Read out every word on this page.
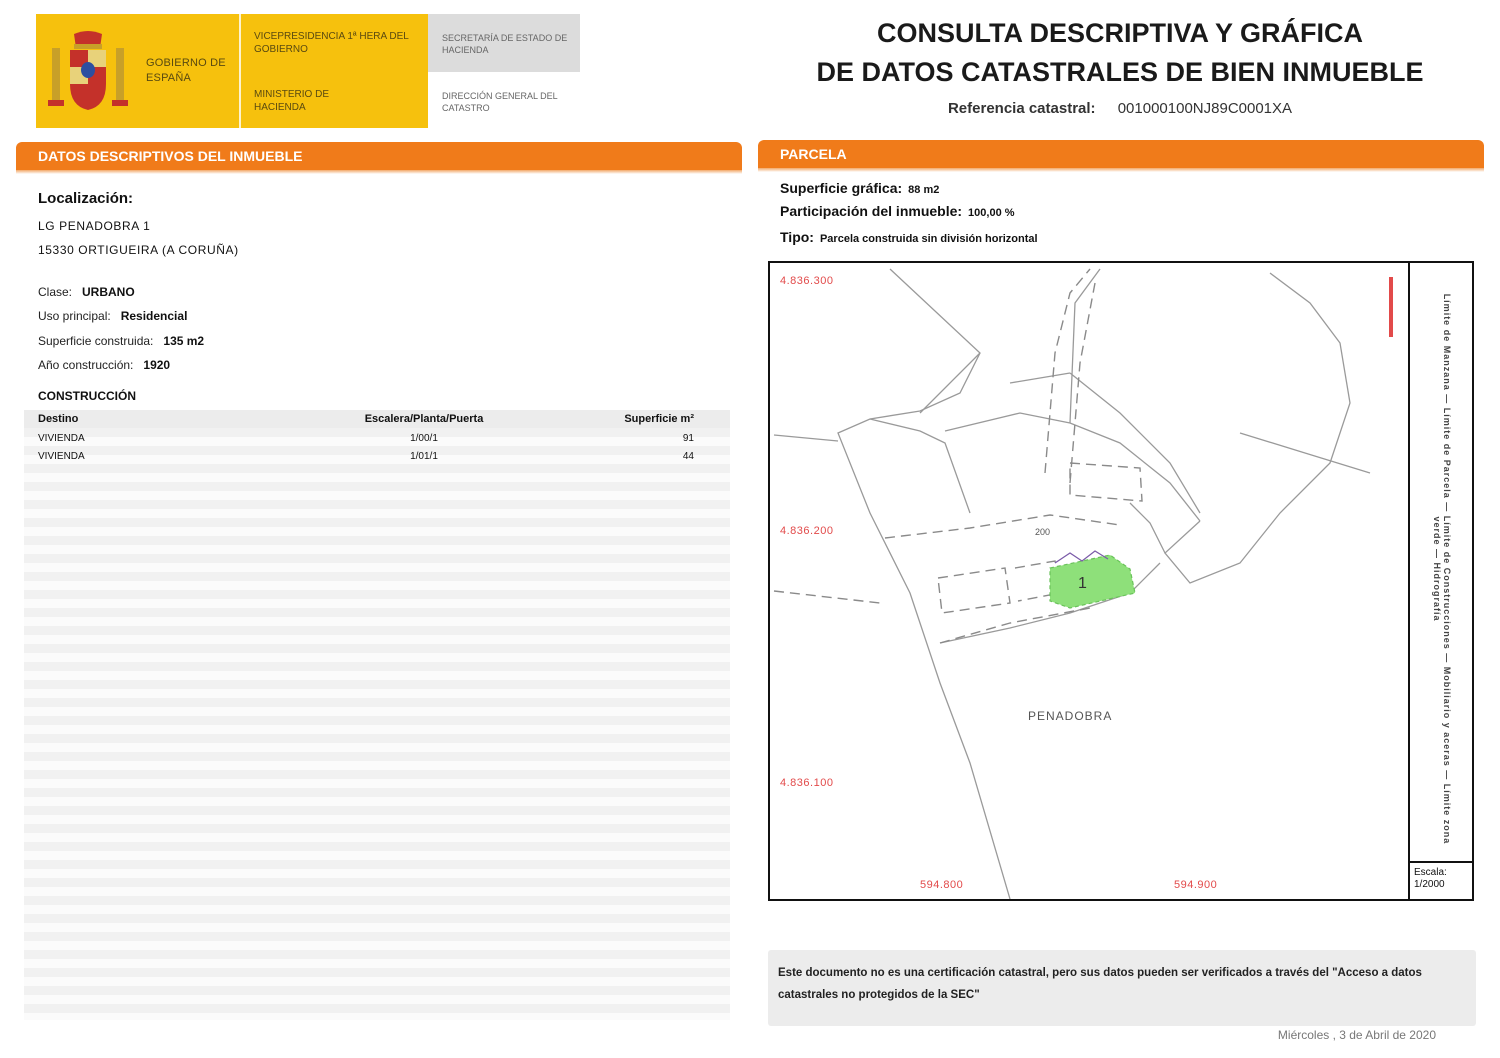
GOBIERNO DE ESPAÑA
VICEPRESIDENCIA 1ª HERA DEL GOBIERNO
MINISTERIO DE HACIENDA
SECRETARÍA DE ESTADO DE HACIENDA
DIRECCIÓN GENERAL DEL CATASTRO
CONSULTA DESCRIPTIVA Y GRÁFICA
DE DATOS CATASTRALES DE BIEN INMUEBLE
Referencia catastral: 001000100NJ89C0001XA
DATOS DESCRIPTIVOS DEL INMUEBLE
Localización:
LG PENADOBRA 1
15330 ORTIGUEIRA (A CORUÑA)
Clase: URBANO
Uso principal: Residencial
Superficie construida: 135 m2
Año construcción: 1920
CONSTRUCCIÓN
Destino	Escalera/Planta/Puerta	Superficie m²
VIVIENDA	1/00/1	91
VIVIENDA	1/01/1	44
PARCELA
Superficie gráfica: 88 m2
Participación del inmueble: 100,00 %
Tipo: Parcela construida sin división horizontal
1
200
4.836.300
4.836.200
4.836.100
594.800	594.900
PENADOBRA	Límite de Manzana — Límite de Parcela — Límite de Construcciones — Mobiliario y aceras — Límite zona verde — Hidrografía
Escala:
1/2000
Este documento no es una certificación catastral, pero sus datos pueden ser verificados a través del "Acceso a datos catastrales no protegidos de la SEC"
Miércoles , 3 de Abril de 2020
